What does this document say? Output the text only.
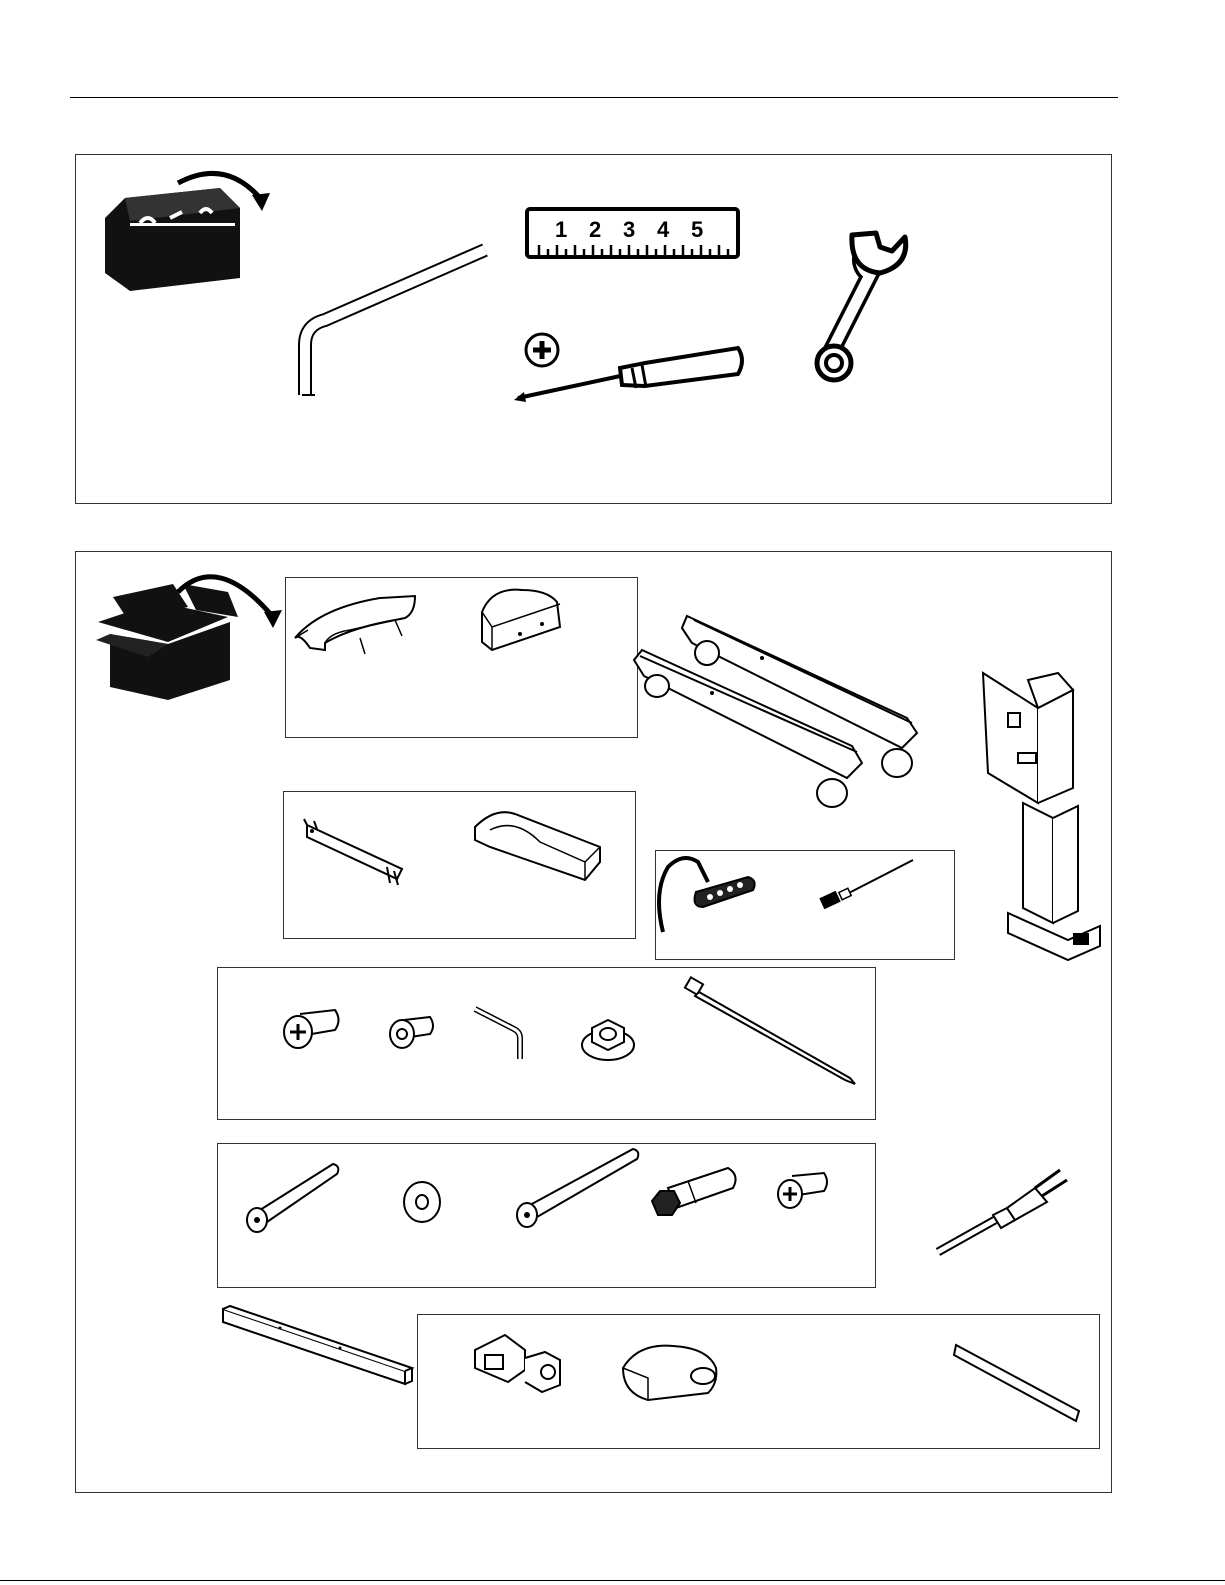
1 2 3 4 5
